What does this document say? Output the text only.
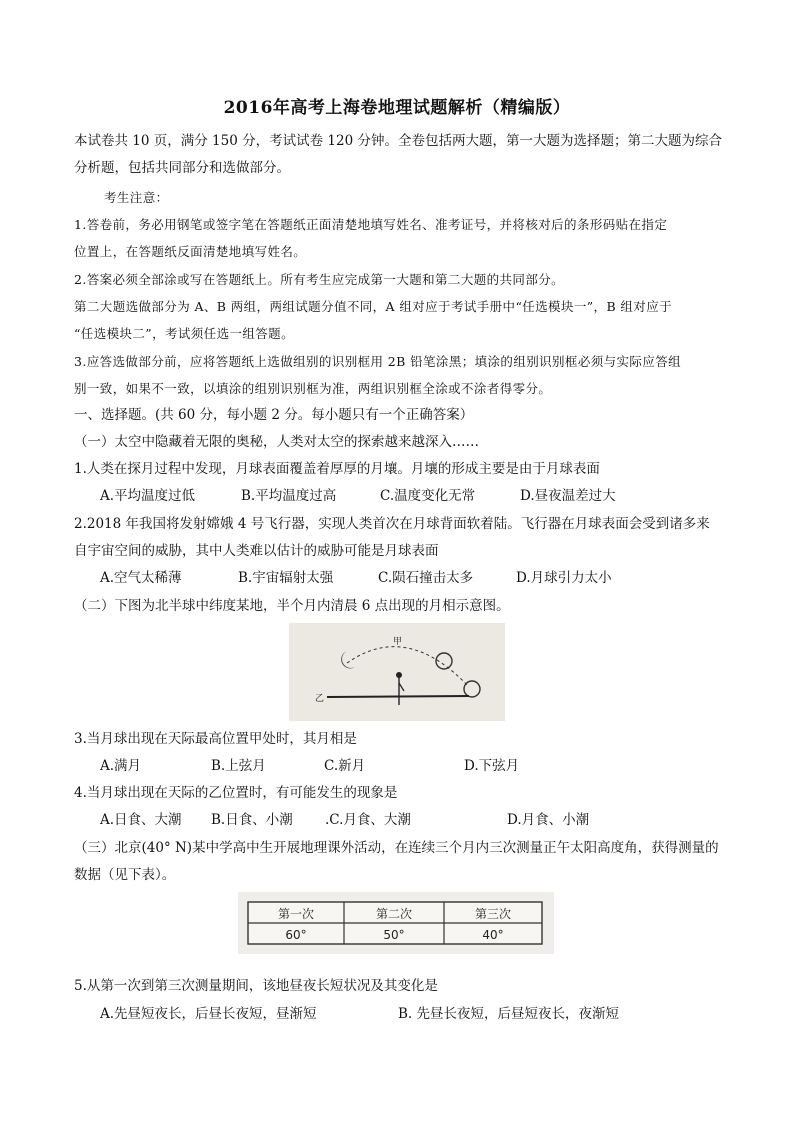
2016年高考上海卷地理试题解析（精编版）
本试卷共 10 页，满分 150 分，考试试卷 120 分钟。全卷包括两大题，第一大题为选择题；第二大题为综合
分析题，包括共同部分和选做部分。
考生注意：
1.答卷前，务必用钢笔或签字笔在答题纸正面清楚地填写姓名、准考证号，并将核对后的条形码贴在指定
位置上，在答题纸反面清楚地填写姓名。
2.答案必须全部涂或写在答题纸上。所有考生应完成第一大题和第二大题的共同部分。
第二大题选做部分为 A、B 两组，两组试题分值不同，A 组对应于考试手册中“任选模块一”，B 组对应于
“任选模块二”，考试须任选一组答题。
3.应答选做部分前，应将答题纸上选做组别的识别框用 2B 铅笔涂黑；填涂的组别识别框必须与实际应答组
别一致，如果不一致，以填涂的组别识别框为准，两组识别框全涂或不涂者得零分。
一、选择题。(共 60 分，每小题 2 分。每小题只有一个正确答案）
（一）太空中隐藏着无限的奥秘，人类对太空的探索越来越深入……
1.人类在探月过程中发现，月球表面覆盖着厚厚的月壤。月壤的形成主要是由于月球表面
A.平均温度过低	B.平均温度过高	C.温度变化无常	D.昼夜温差过大
2.2018 年我国将发射嫦娥 4 号飞行器，实现人类首次在月球背面软着陆。飞行器在月球表面会受到诸多来
自宇宙空间的威胁，其中人类难以估计的威胁可能是月球表面
A.空气太稀薄	B.宇宙辐射太强	C.陨石撞击太多	D.月球引力太小
（二）下图为北半球中纬度某地，半个月内清晨 6 点出现的月相示意图。
甲
乙
3.当月球出现在天际最高位置甲处时，其月相是
A.满月	B.上弦月	C.新月	D.下弦月
4.当月球出现在天际的乙位置时，有可能发生的现象是
A.日食、大潮 B.日食、小潮 .C.月食、大潮	D.月食、小潮
（三）北京(40° N)某中学高中生开展地理课外活动，在连续三个月内三次测量正午太阳高度角，获得测量的
数据（见下表）。
第一次	第二次	第三次
60°	50°	40°
5.从第一次到第三次测量期间，该地昼夜长短状况及其变化是
A.先昼短夜长，后昼长夜短，昼渐短	B. 先昼长夜短，后昼短夜长，夜渐短
